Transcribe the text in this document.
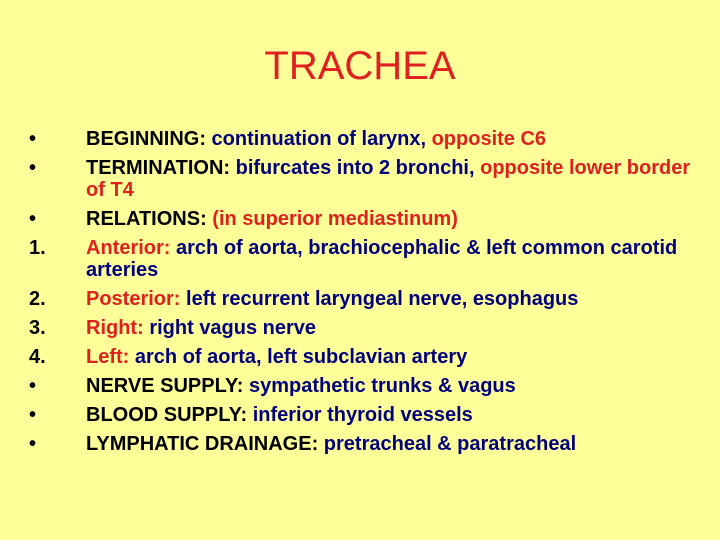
TRACHEA
•	BEGINNING: continuation of larynx, opposite C6
•	TERMINATION: bifurcates into 2 bronchi, opposite lower border of T4
•	RELATIONS: (in superior mediastinum)
1.	Anterior: arch of aorta, brachiocephalic & left common carotid arteries
2.	Posterior: left recurrent laryngeal nerve, esophagus
3.	Right: right vagus nerve
4.	Left: arch of aorta, left subclavian artery
•	NERVE SUPPLY: sympathetic trunks & vagus
•	BLOOD SUPPLY: inferior thyroid vessels
•	LYMPHATIC DRAINAGE: pretracheal & paratracheal
